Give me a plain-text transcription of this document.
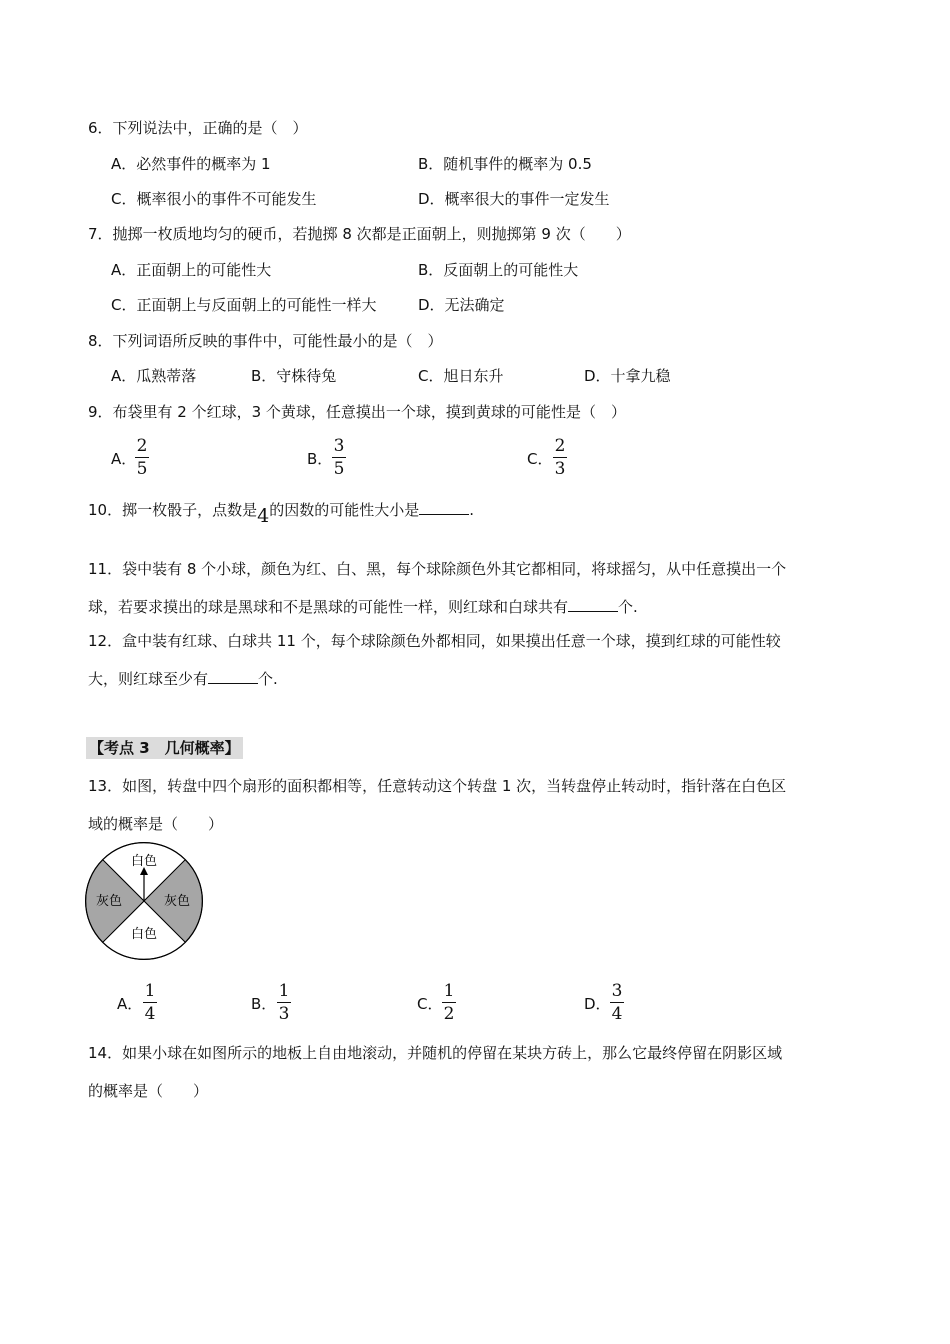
6．下列说法中，正确的是（　）
A．必然事件的概率为 1	B．随机事件的概率为 0.5
C．概率很小的事件不可能发生	D．概率很大的事件一定发生
7．抛掷一枚质地均匀的硬币，若抛掷 8 次都是正面朝上，则抛掷第 9 次（　　）
A．正面朝上的可能性大	B．反面朝上的可能性大
C．正面朝上与反面朝上的可能性一样大	D．无法确定
8．下列词语所反映的事件中，可能性最小的是（　）
A．瓜熟蒂落	B．守株待兔	C．旭日东升	D．十拿九稳
9．布袋里有 2 个红球，3 个黄球，任意摸出一个球，摸到黄球的可能性是（　）
A．
2
5	B．
3
5	C．
2
3
10．掷一枚骰子，点数是4的因数的可能性大小是	.
11．袋中装有 8 个小球，颜色为红、白、黑，每个球除颜色外其它都相同，将球摇匀，从中任意摸出一个
球，若要求摸出的球是黑球和不是黑球的可能性一样，则红球和白球共有	个.
12．盒中装有红球、白球共 11 个，每个球除颜色外都相同，如果摸出任意一个球，摸到红球的可能性较
大，则红球至少有	个.
【考点 3　几何概率】
13．如图，转盘中四个扇形的面积都相等，任意转动这个转盘 1 次，当转盘停止转动时，指针落在白色区
域的概率是（　　）
白色
白色
灰色	灰色
A．
1
4	B．
1
3	C．
1
2	D．
3
4
14．如果小球在如图所示的地板上自由地滚动，并随机的停留在某块方砖上，那么它最终停留在阴影区域
的概率是（　　）
